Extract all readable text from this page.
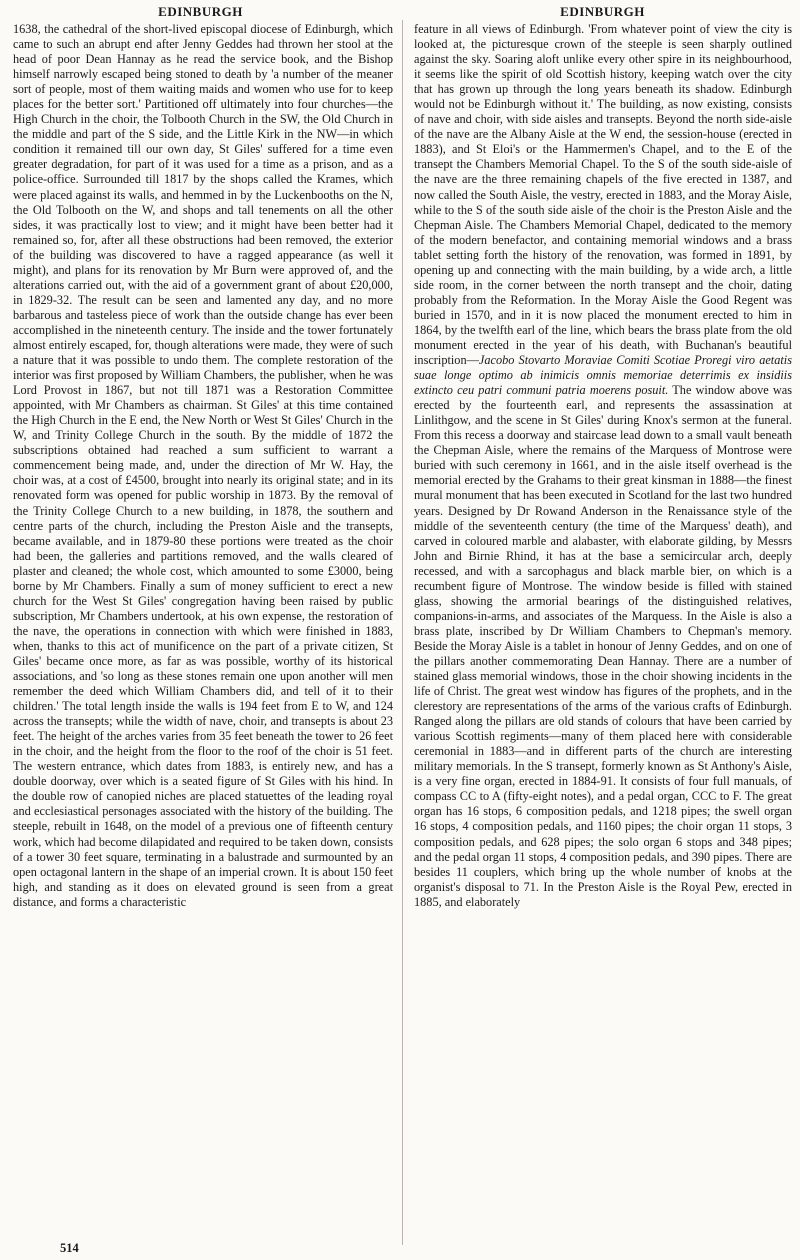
EDINBURGH	EDINBURGH

1638, the cathedral of the short-lived episcopal diocese of Edinburgh, which came to such an abrupt end after Jenny Geddes had thrown her stool at the head of poor Dean Hannay as he read the service book, and the Bishop himself narrowly escaped being stoned to death by 'a number of the meaner sort of people, most of them waiting maids and women who use for to keep places for the better sort.' Partitioned off ultimately into four churches—the High Church in the choir, the Tolbooth Church in the SW, the Old Church in the middle and part of the S side, and the Little Kirk in the NW—in which condition it remained till our own day, St Giles' suffered for a time even greater degradation, for part of it was used for a time as a prison, and as a police-office. Surrounded till 1817 by the shops called the Krames, which were placed against its walls, and hemmed in by the Luckenbooths on the N, the Old Tolbooth on the W, and shops and tall tenements on all the other sides, it was practically lost to view; and it might have been better had it remained so, for, after all these obstructions had been removed, the exterior of the building was discovered to have a ragged appearance (as well it might), and plans for its renovation by Mr Burn were approved of, and the alterations carried out, with the aid of a government grant of about £20,000, in 1829-32. The result can be seen and lamented any day, and no more barbarous and tasteless piece of work than the outside change has ever been accomplished in the nineteenth century. The inside and the tower fortunately almost entirely escaped, for, though alterations were made, they were of such a nature that it was possible to undo them. The complete restoration of the interior was first proposed by William Chambers, the publisher, when he was Lord Provost in 1867, but not till 1871 was a Restoration Committee appointed, with Mr Chambers as chairman. St Giles' at this time contained the High Church in the E end, the New North or West St Giles' Church in the W, and Trinity College Church in the south. By the middle of 1872 the subscriptions obtained had reached a sum sufficient to warrant a commencement being made, and, under the direction of Mr W. Hay, the choir was, at a cost of £4500, brought into nearly its original state; and in its renovated form was opened for public worship in 1873. By the removal of the Trinity College Church to a new building, in 1878, the southern and centre parts of the church, including the Preston Aisle and the transepts, became available, and in 1879-80 these portions were treated as the choir had been, the galleries and partitions removed, and the walls cleared of plaster and cleaned; the whole cost, which amounted to some £3000, being borne by Mr Chambers. Finally a sum of money sufficient to erect a new church for the West St Giles' congregation having been raised by public subscription, Mr Chambers undertook, at his own expense, the restoration of the nave, the operations in connection with which were finished in 1883, when, thanks to this act of munificence on the part of a private citizen, St Giles' became once more, as far as was possible, worthy of its historical associations, and 'so long as these stones remain one upon another will men remember the deed which William Chambers did, and tell of it to their children.' The total length inside the walls is 194 feet from E to W, and 124 across the transepts; while the width of nave, choir, and transepts is about 23 feet. The height of the arches varies from 35 feet beneath the tower to 26 feet in the choir, and the height from the floor to the roof of the choir is 51 feet. The western entrance, which dates from 1883, is entirely new, and has a double doorway, over which is a seated figure of St Giles with his hind. In the double row of canopied niches are placed statuettes of the leading royal and ecclesiastical personages associated with the history of the building. The steeple, rebuilt in 1648, on the model of a previous one of fifteenth century work, which had become dilapidated and required to be taken down, consists of a tower 30 feet square, terminating in a balustrade and surmounted by an open octagonal lantern in the shape of an imperial crown. It is about 150 feet high, and standing as it does on elevated ground is seen from a great distance, and forms a characteristic

feature in all views of Edinburgh. 'From whatever point of view the city is looked at, the picturesque crown of the steeple is seen sharply outlined against the sky. Soaring aloft unlike every other spire in its neighbourhood, it seems like the spirit of old Scottish history, keeping watch over the city that has grown up through the long years beneath its shadow. Edinburgh would not be Edinburgh without it.' The building, as now existing, consists of nave and choir, with side aisles and transepts. Beyond the north side-aisle of the nave are the Albany Aisle at the W end, the session-house (erected in 1883), and St Eloi's or the Hammermen's Chapel, and to the E of the transept the Chambers Memorial Chapel. To the S of the south side-aisle of the nave are the three remaining chapels of the five erected in 1387, and now called the South Aisle, the vestry, erected in 1883, and the Moray Aisle, while to the S of the south side aisle of the choir is the Preston Aisle and the Chepman Aisle. The Chambers Memorial Chapel, dedicated to the memory of the modern benefactor, and containing memorial windows and a brass tablet setting forth the history of the renovation, was formed in 1891, by opening up and connecting with the main building, by a wide arch, a little side room, in the corner between the north transept and the choir, dating probably from the Reformation. In the Moray Aisle the Good Regent was buried in 1570, and in it is now placed the monument erected to him in 1864, by the twelfth earl of the line, which bears the brass plate from the old monument erected in the year of his death, with Buchanan's beautiful inscription—Jacobo Stovarto Moraviae Comiti Scotiae Proregi viro aetatis suae longe optimo ab inimicis omnis memoriae deterrimis ex insidiis extincto ceu patri communi patria moerens posuit. The window above was erected by the fourteenth earl, and represents the assassination at Linlithgow, and the scene in St Giles' during Knox's sermon at the funeral. From this recess a doorway and staircase lead down to a small vault beneath the Chepman Aisle, where the remains of the Marquess of Montrose were buried with such ceremony in 1661, and in the aisle itself overhead is the memorial erected by the Grahams to their great kinsman in 1888—the finest mural monument that has been executed in Scotland for the last two hundred years. Designed by Dr Rowand Anderson in the Renaissance style of the middle of the seventeenth century (the time of the Marquess' death), and carved in coloured marble and alabaster, with elaborate gilding, by Messrs John and Birnie Rhind, it has at the base a semicircular arch, deeply recessed, and with a sarcophagus and black marble bier, on which is a recumbent figure of Montrose. The window beside is filled with stained glass, showing the armorial bearings of the distinguished relatives, companions-in-arms, and associates of the Marquess. In the Aisle is also a brass plate, inscribed by Dr William Chambers to Chepman's memory. Beside the Moray Aisle is a tablet in honour of Jenny Geddes, and on one of the pillars another commemorating Dean Hannay. There are a number of stained glass memorial windows, those in the choir showing incidents in the life of Christ. The great west window has figures of the prophets, and in the clerestory are representations of the arms of the various crafts of Edinburgh. Ranged along the pillars are old stands of colours that have been carried by various Scottish regiments—many of them placed here with considerable ceremonial in 1883—and in different parts of the church are interesting military memorials. In the S transept, formerly known as St Anthony's Aisle, is a very fine organ, erected in 1884-91. It consists of four full manuals, of compass CC to A (fifty-eight notes), and a pedal organ, CCC to F. The great organ has 16 stops, 6 composition pedals, and 1218 pipes; the swell organ 16 stops, 4 composition pedals, and 1160 pipes; the choir organ 11 stops, 3 composition pedals, and 628 pipes; the solo organ 6 stops and 348 pipes; and the pedal organ 11 stops, 4 composition pedals, and 390 pipes. There are besides 11 couplers, which bring up the whole number of knobs at the organist's disposal to 71. In the Preston Aisle is the Royal Pew, erected in 1885, and elaborately

514
